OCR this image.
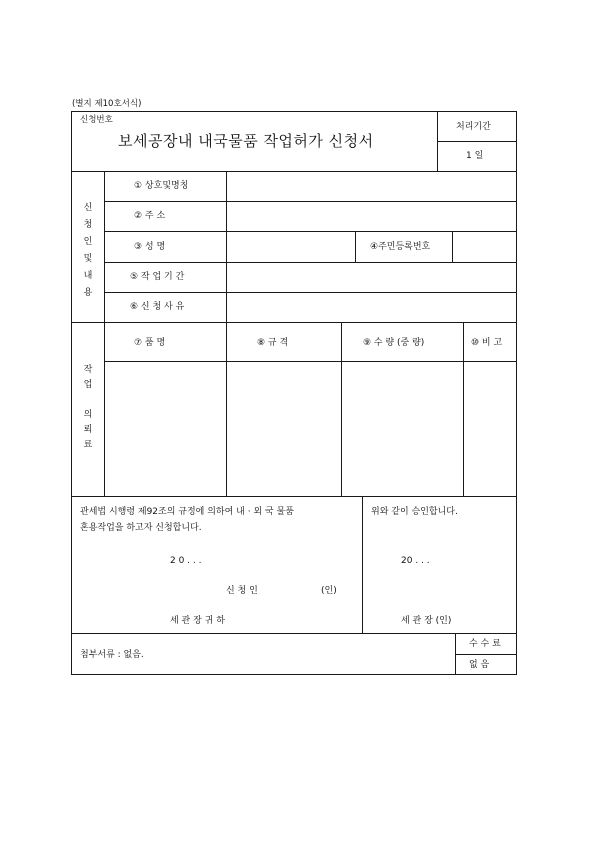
(별지 제10호서식)
신청번호
보세공장내 내국물품 작업허가 신청서
처리기간
1 일
신
청
인
및
내
용
① 상호및명칭
② 주 소
③ 성 명	④주민등록번호
⑤ 작 업 기 간
⑥ 신 청 사 유
작
업
의
뢰
료
⑦ 품 명	⑧ 규 격	⑨ 수 량 (중 량)	⑩ 비 고
관세법 시행령 제92조의 규정에 의하여 내 · 외 국 물품
혼용작업을 하고자 신청합니다.
2 0 . . .
신 청 인	(인)
세 관 장 귀 하
위와 같이 승인합니다.
20 . . .
세 관 장 (인)
첨부서류 : 없음.
수 수 료
없 음
